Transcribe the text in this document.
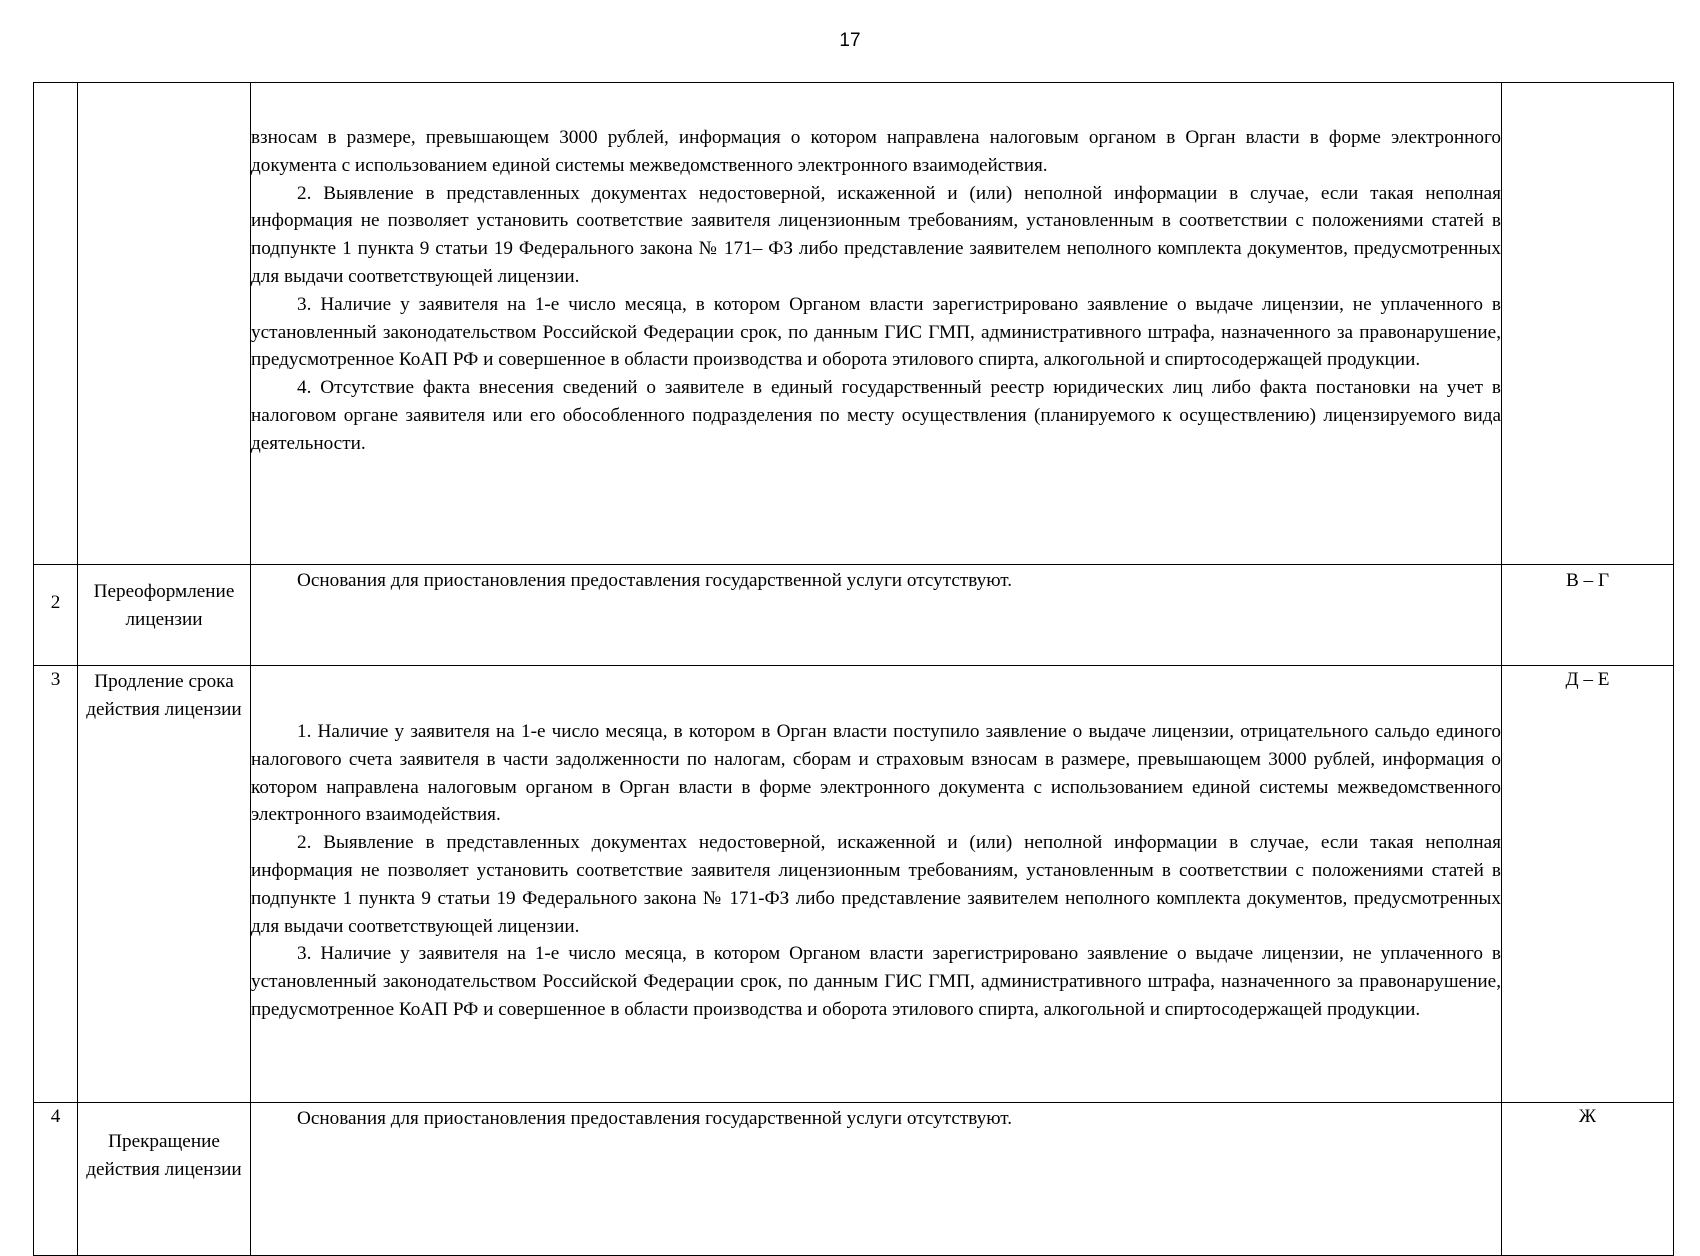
17

		взносам в размере, превышающем 3000 рублей, информация о котором направлена налоговым органом в Орган власти в форме электронного документа с использованием единой системы межведомственного электронного взаимодействия.

2. Выявление в представленных документах недостоверной, искаженной и (или) неполной информации в случае, если такая неполная информация не позволяет установить соответствие заявителя лицензионным требованиям, установленным в соответствии с положениями статей в подпункте 1 пункта 9 статьи 19 Федерального закона № 171– ФЗ либо представление заявителем неполного комплекта документов, предусмотренных для выдачи соответствующей лицензии.

3. Наличие у заявителя на 1-е число месяца, в котором Органом власти зарегистрировано заявление о выдаче лицензии, не уплаченного в установленный законодательством Российской Федерации срок, по данным ГИС ГМП, административного штрафа, назначенного за правонарушение, предусмотренное КоАП РФ и совершенное в области производства и оборота этилового спирта, алкогольной и спиртосодержащей продукции.

4. Отсутствие факта внесения сведений о заявителе в единый государственный реестр юридических лиц либо факта постановки на учет в налоговом органе заявителя или его обособленного подразделения по месту осуществления (планируемого к осуществлению) лицензируемого вида деятельности.	

2	Переоформление лицензии	Основания для приостановления предоставления государственной услуги отсутствуют.	В – Г
3	Продление срока действия лицензии	1. Наличие у заявителя на 1-е число месяца, в котором в Орган власти поступило заявление о выдаче лицензии, отрицательного сальдо единого налогового счета заявителя в части задолженности по налогам, сборам и страховым взносам в размере, превышающем 3000 рублей, информация о котором направлена налоговым органом в Орган власти в форме электронного документа с использованием единой системы межведомственного электронного взаимодействия.

2. Выявление в представленных документах недостоверной, искаженной и (или) неполной информации в случае, если такая неполная информация не позволяет установить соответствие заявителя лицензионным требованиям, установленным в соответствии с положениями статей в подпункте 1 пункта 9 статьи 19 Федерального закона № 171-ФЗ либо представление заявителем неполного комплекта документов, предусмотренных для выдачи соответствующей лицензии.

3. Наличие у заявителя на 1-е число месяца, в котором Органом власти зарегистрировано заявление о выдаче лицензии, не уплаченного в установленный законодательством Российской Федерации срок, по данным ГИС ГМП, административного штрафа, назначенного за правонарушение, предусмотренное КоАП РФ и совершенное в области производства и оборота этилового спирта, алкогольной и спиртосодержащей продукции.	Д – Е
4	Прекращение действия лицензии	Основания для приостановления предоставления государственной услуги отсутствуют.	Ж
